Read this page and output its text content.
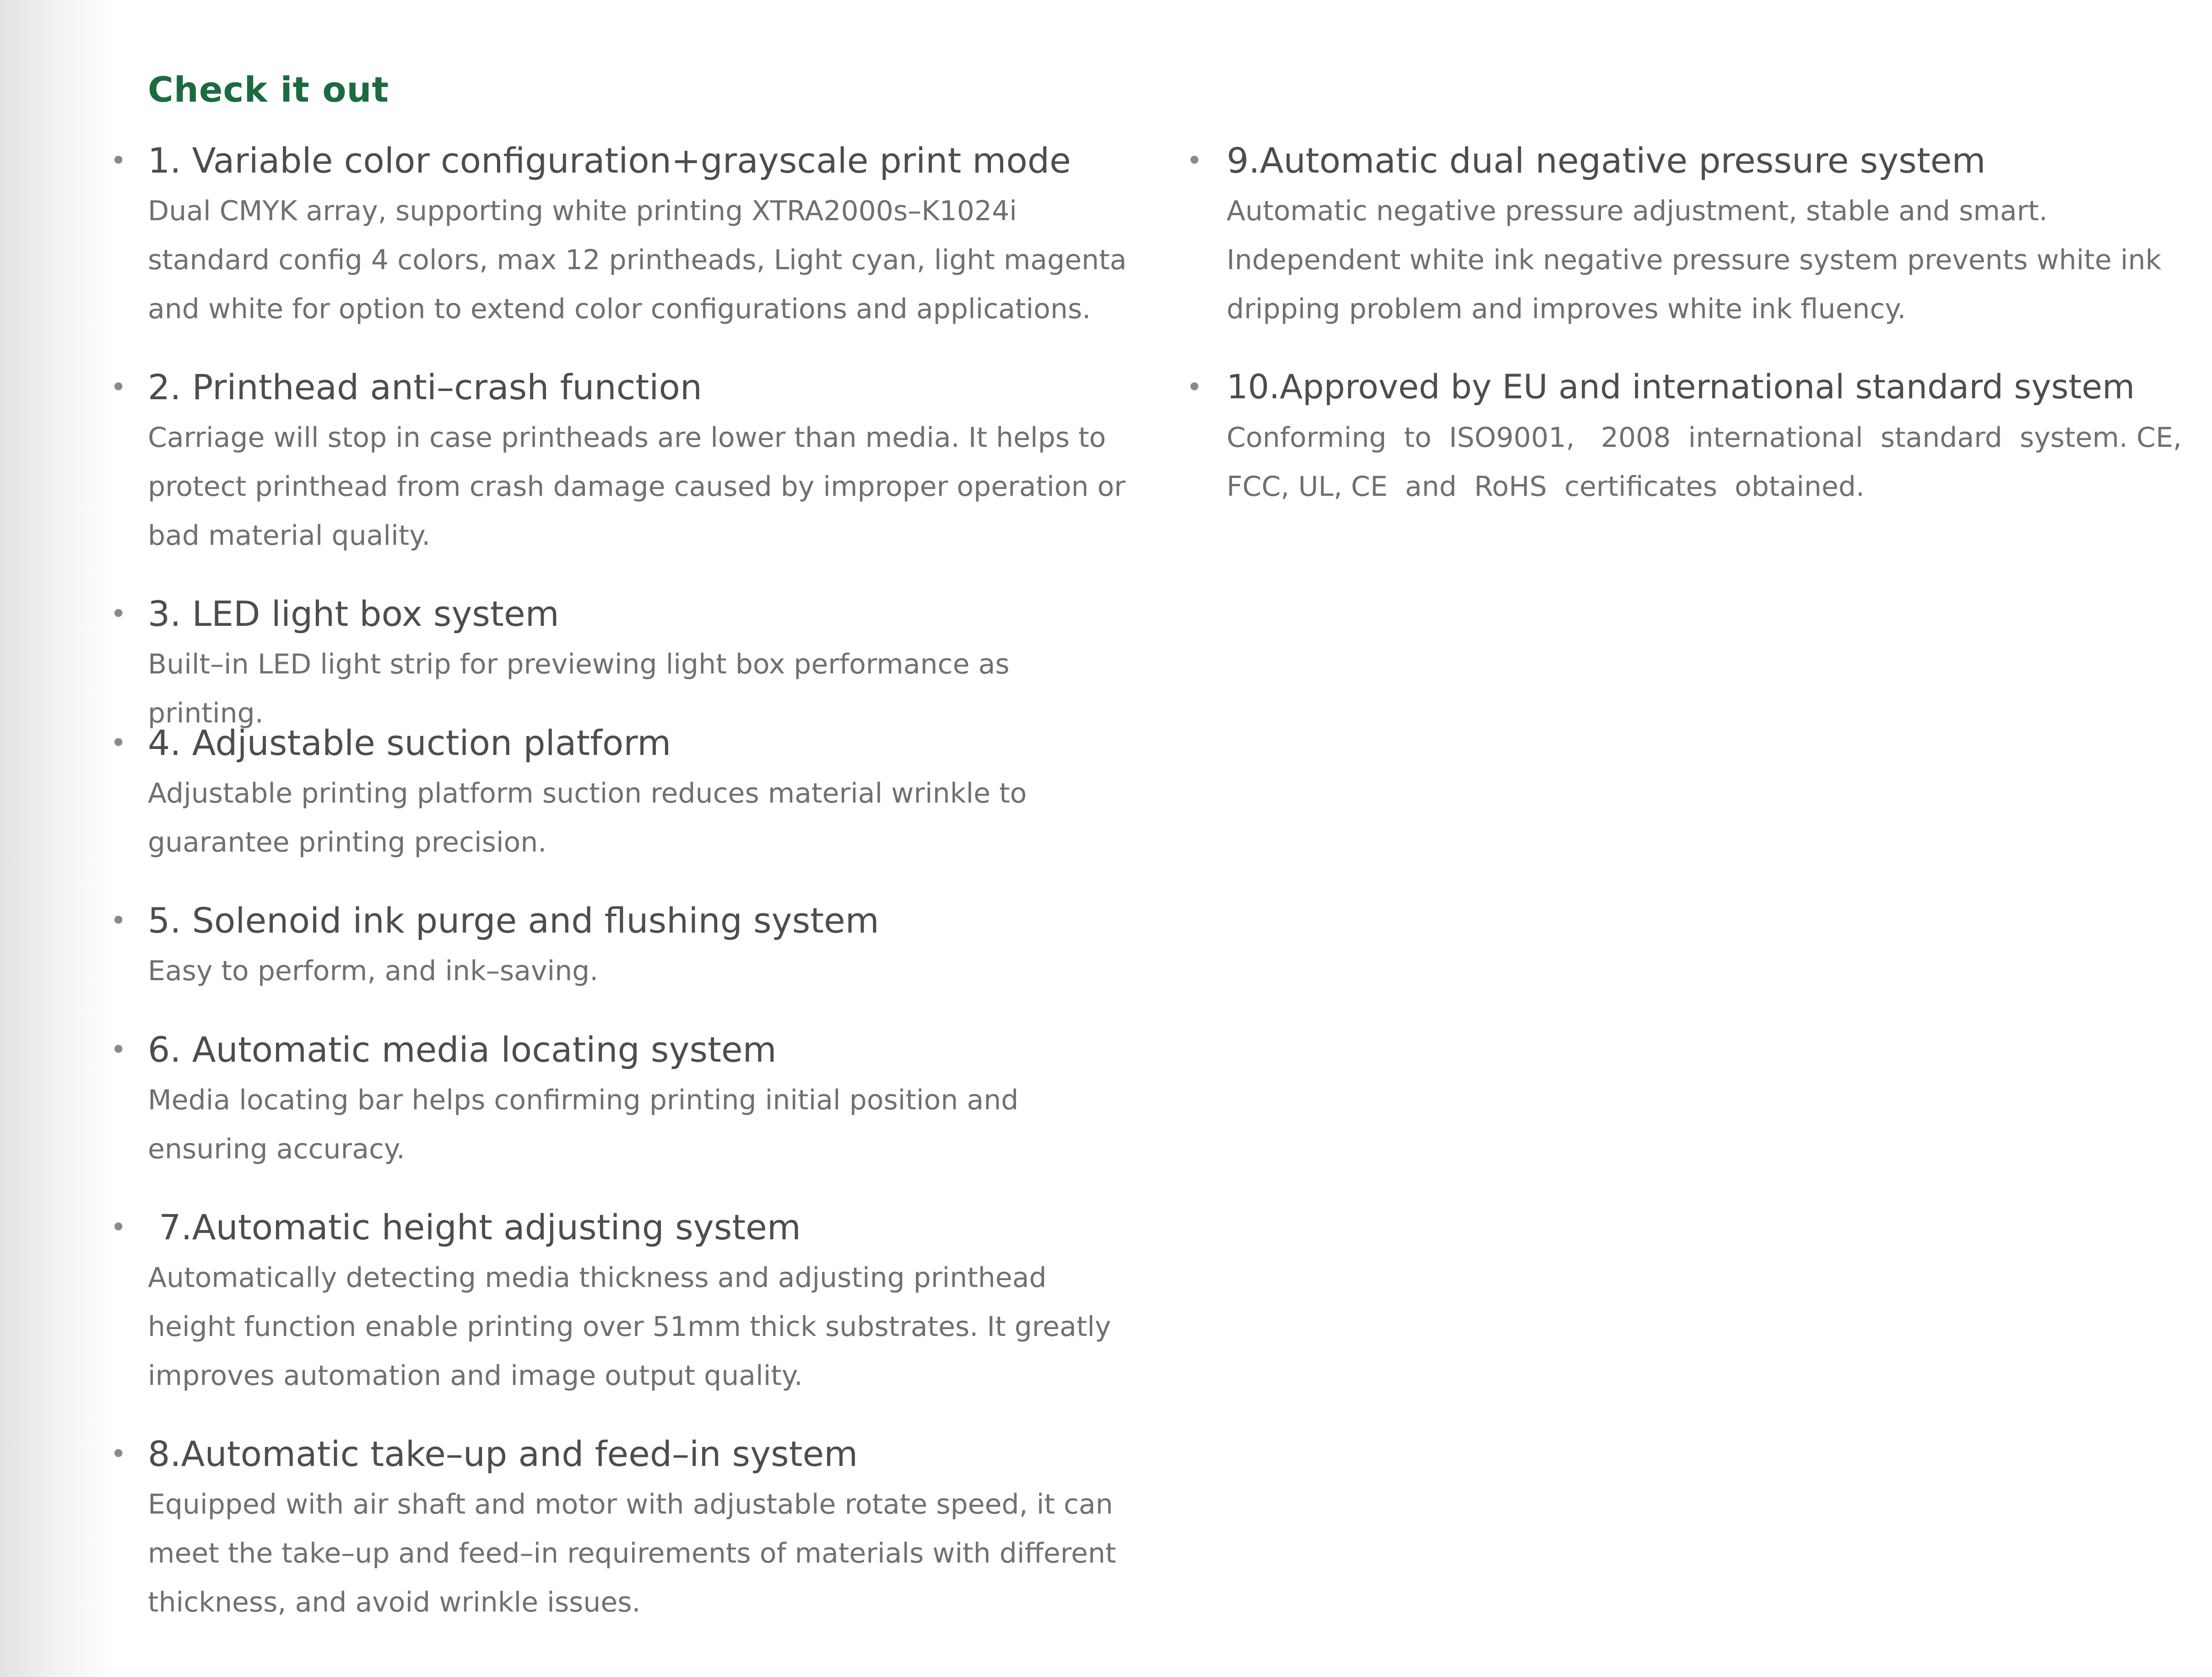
Check it out
• 1. Variable color configuration+grayscale print mode
Dual CMYK array, supporting white printing XTRA2000s–K1024i standard config 4 colors, max 12 printheads, Light cyan, light magenta and white for option to extend color configurations and applications.
• 2. Printhead anti–crash function
Carriage will stop in case printheads are lower than media. It helps to protect printhead from crash damage caused by improper operation or bad material quality.
• 3. LED light box system
Built–in LED light strip for previewing light box performance as printing.
• 4. Adjustable suction platform
Adjustable printing platform suction reduces material wrinkle to guarantee printing precision.
• 5. Solenoid ink purge and flushing system
Easy to perform, and ink–saving.
• 6. Automatic media locating system
Media locating bar helps confirming printing initial position and ensuring accuracy.
• 7.Automatic height adjusting system
Automatically detecting media thickness and adjusting printhead height function enable printing over 51mm thick substrates. It greatly improves automation and image output quality.
• 8.Automatic take–up and feed–in system
Equipped with air shaft and motor with adjustable rotate speed, it can meet the take–up and feed–in requirements of materials with different thickness, and avoid wrinkle issues.
• 9.Automatic dual negative pressure system
Automatic negative pressure adjustment, stable and smart. Independent white ink negative pressure system prevents white ink dripping problem and improves white ink fluency.
• 10.Approved by EU and international standard system
Conforming  to  ISO9001,   2008  international  standard  system. CE, FCC, UL, CE  and  RoHS  certificates  obtained.
